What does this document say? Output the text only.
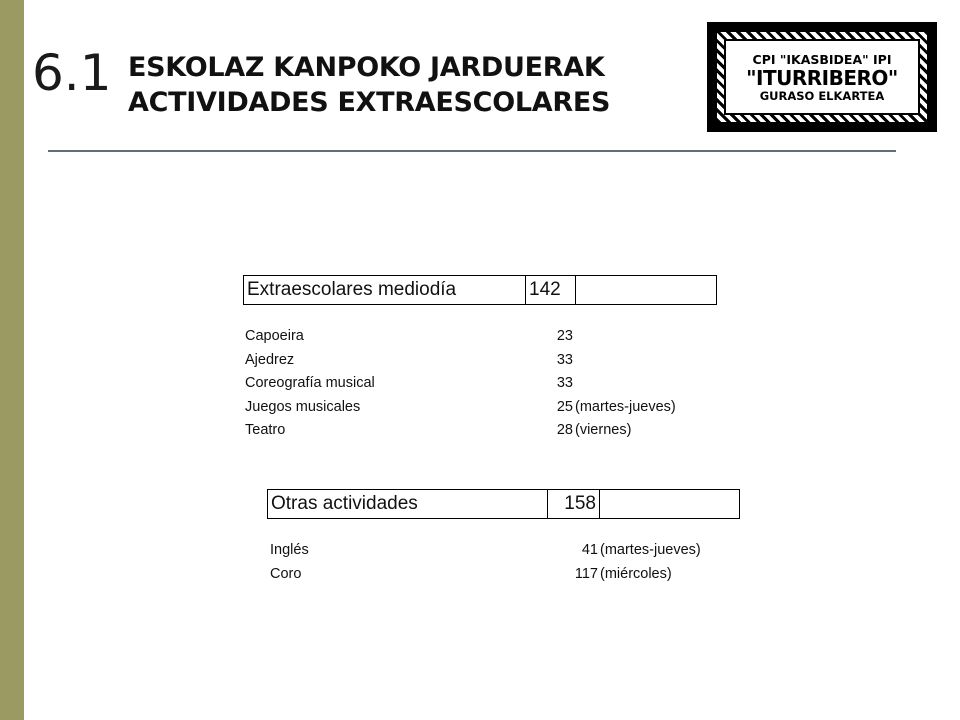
6.1 ESKOLAZ KANPOKO JARDUERAK
ACTIVIDADES EXTRAESCOLARES
CPI "IKASBIDEA" IPI
"ITURRIBERO"
GURASO ELKARTEA
Extraescolares mediodía	142
Capoeira	23
Ajedrez	33
Coreografía musical	33
Juegos musicales	25 (martes-jueves)
Teatro	28 (viernes)
Otras actividades	158
Inglés	41 (martes-jueves)
Coro	117 (miércoles)
